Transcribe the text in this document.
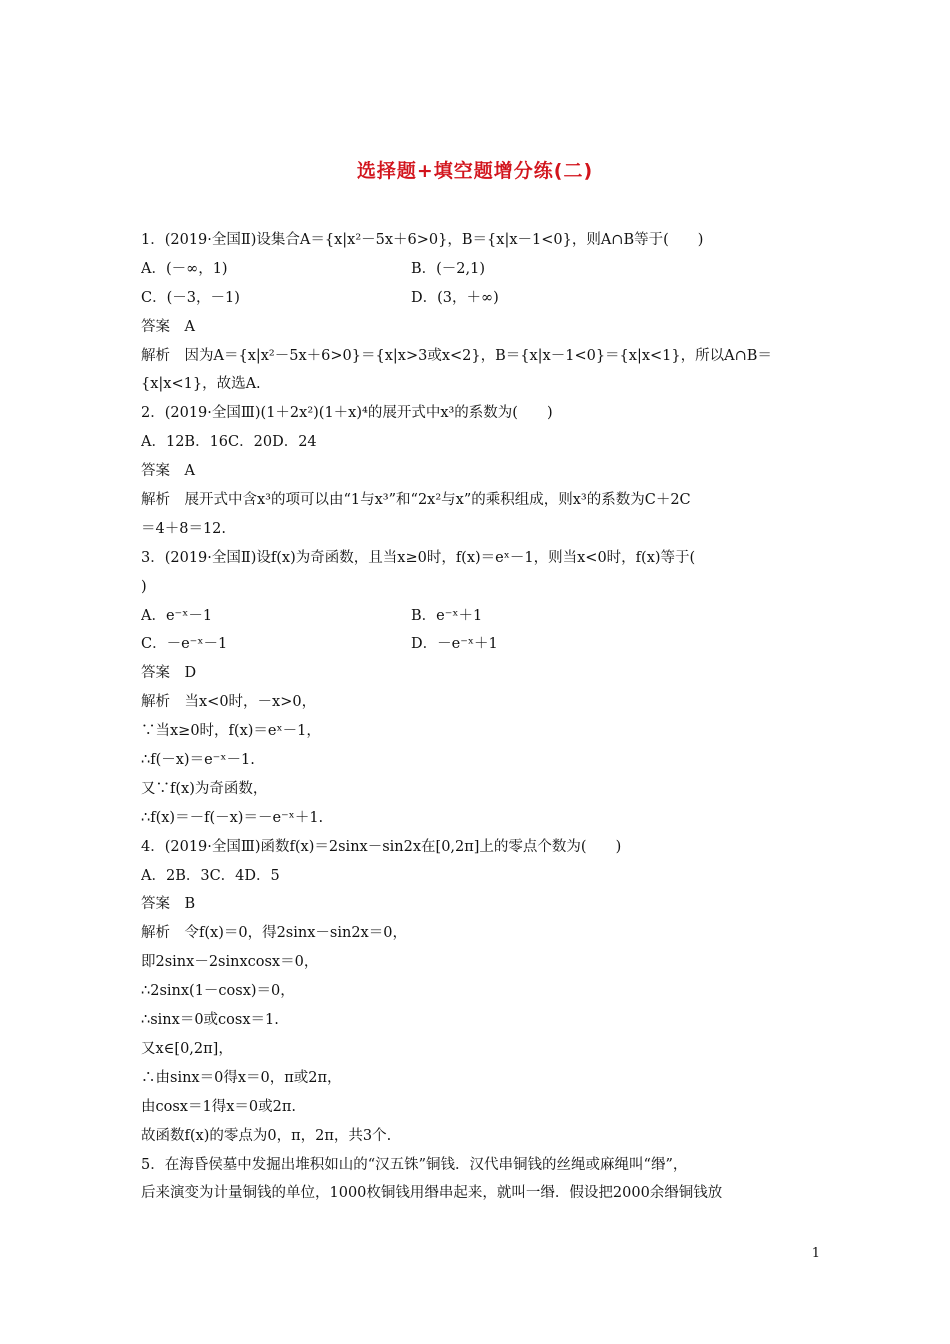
选择题+填空题增分练(二)
1．(2019·全国Ⅱ)设集合A＝{x|x²－5x＋6>0}，B＝{x|x－1<0}，则A∩B等于(　　)
A．(－∞，1)	B．(－2,1)
C．(－3，－1)	D．(3，＋∞)
答案　A
解析　因为A＝{x|x²－5x＋6>0}＝{x|x>3或x<2}，B＝{x|x－1<0}＝{x|x<1}，所以A∩B＝
{x|x<1}，故选A.
2．(2019·全国Ⅲ)(1＋2x²)(1＋x)⁴的展开式中x³的系数为(　　)
A．12B．16C．20D．24
答案　A
解析　展开式中含x³的项可以由“1与x³”和“2x²与x”的乘积组成，则x³的系数为C＋2C
＝4＋8＝12.
3．(2019·全国Ⅱ)设f(x)为奇函数，且当x≥0时，f(x)＝eˣ－1，则当x<0时，f(x)等于(
)
A．e⁻ˣ－1	B．e⁻ˣ＋1
C．－e⁻ˣ－1	D．－e⁻ˣ＋1
答案　D
解析　当x<0时，－x>0，
∵当x≥0时，f(x)＝eˣ－1，
∴f(－x)＝e⁻ˣ－1.
又∵f(x)为奇函数，
∴f(x)＝－f(－x)＝－e⁻ˣ＋1.
4．(2019·全国Ⅲ)函数f(x)＝2sinx－sin2x在[0,2π]上的零点个数为(　　)
A．2B．3C．4D．5
答案　B
解析　令f(x)＝0，得2sinx－sin2x＝0，
即2sinx－2sinxcosx＝0，
∴2sinx(1－cosx)＝0，
∴sinx＝0或cosx＝1.
又x∈[0,2π]，
∴由sinx＝0得x＝0，π或2π，
由cosx＝1得x＝0或2π.
故函数f(x)的零点为0，π，2π，共3个.
5．在海昏侯墓中发掘出堆积如山的“汉五铢”铜钱．汉代串铜钱的丝绳或麻绳叫“缗”，
后来演变为计量铜钱的单位，1000枚铜钱用缗串起来，就叫一缗．假设把2000余缗铜钱放
1
